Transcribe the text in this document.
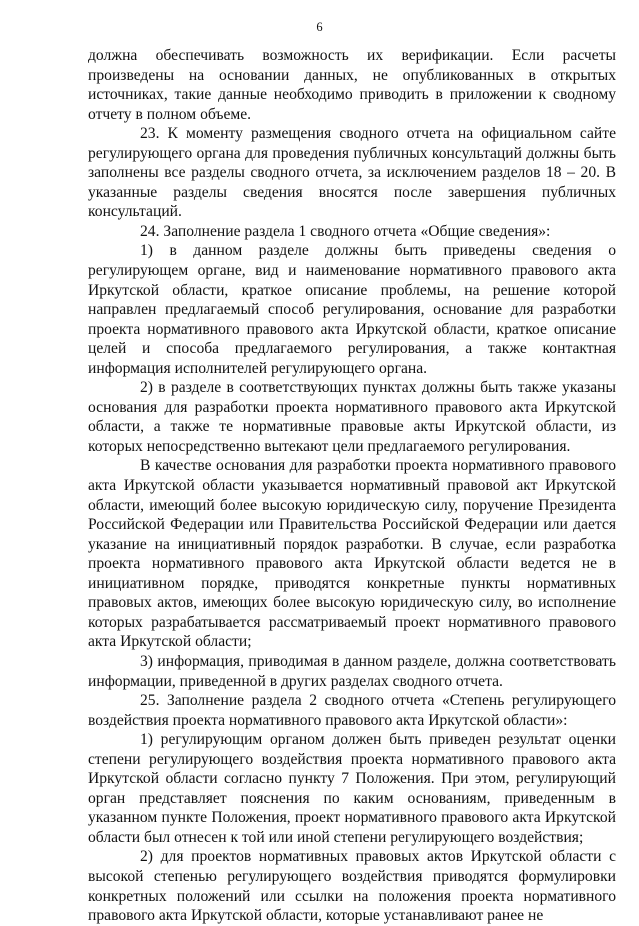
6

должна обеспечивать возможность их верификации. Если расчеты произведены на основании данных, не опубликованных в открытых источниках, такие данные необходимо приводить в приложении к сводному отчету в полном объеме.

23. К моменту размещения сводного отчета на официальном сайте регулирующего органа для проведения публичных консультаций должны быть заполнены все разделы сводного отчета, за исключением разделов 18 – 20. В указанные разделы сведения вносятся после завершения публичных консультаций.

24. Заполнение раздела 1 сводного отчета «Общие сведения»:

1) в данном разделе должны быть приведены сведения о регулирующем органе, вид и наименование нормативного правового акта Иркутской области, краткое описание проблемы, на решение которой направлен предлагаемый способ регулирования, основание для разработки проекта нормативного правового акта Иркутской области, краткое описание целей и способа предлагаемого регулирования, а также контактная информация исполнителей регулирующего органа.

2) в разделе в соответствующих пунктах должны быть также указаны основания для разработки проекта нормативного правового акта Иркутской области, а также те нормативные правовые акты Иркутской области, из которых непосредственно вытекают цели предлагаемого регулирования.

В качестве основания для разработки проекта нормативного правового акта Иркутской области указывается нормативный правовой акт Иркутской области, имеющий более высокую юридическую силу, поручение Президента Российской Федерации или Правительства Российской Федерации или дается указание на инициативный порядок разработки. В случае, если разработка проекта нормативного правового акта Иркутской области ведется не в инициативном порядке, приводятся конкретные пункты нормативных правовых актов, имеющих более высокую юридическую силу, во исполнение которых разрабатывается рассматриваемый проект нормативного правового акта Иркутской области;

3) информация, приводимая в данном разделе, должна соответствовать информации, приведенной в других разделах сводного отчета.

25. Заполнение раздела 2 сводного отчета «Степень регулирующего воздействия проекта нормативного правового акта Иркутской области»:

1) регулирующим органом должен быть приведен результат оценки степени регулирующего воздействия проекта нормативного правового акта Иркутской области согласно пункту 7 Положения. При этом, регулирующий орган представляет пояснения по каким основаниям, приведенным в указанном пункте Положения, проект нормативного правового акта Иркутской области был отнесен к той или иной степени регулирующего воздействия;

2) для проектов нормативных правовых актов Иркутской области с высокой степенью регулирующего воздействия приводятся формулировки конкретных положений или ссылки на положения проекта нормативного правового акта Иркутской области, которые устанавливают ранее не
